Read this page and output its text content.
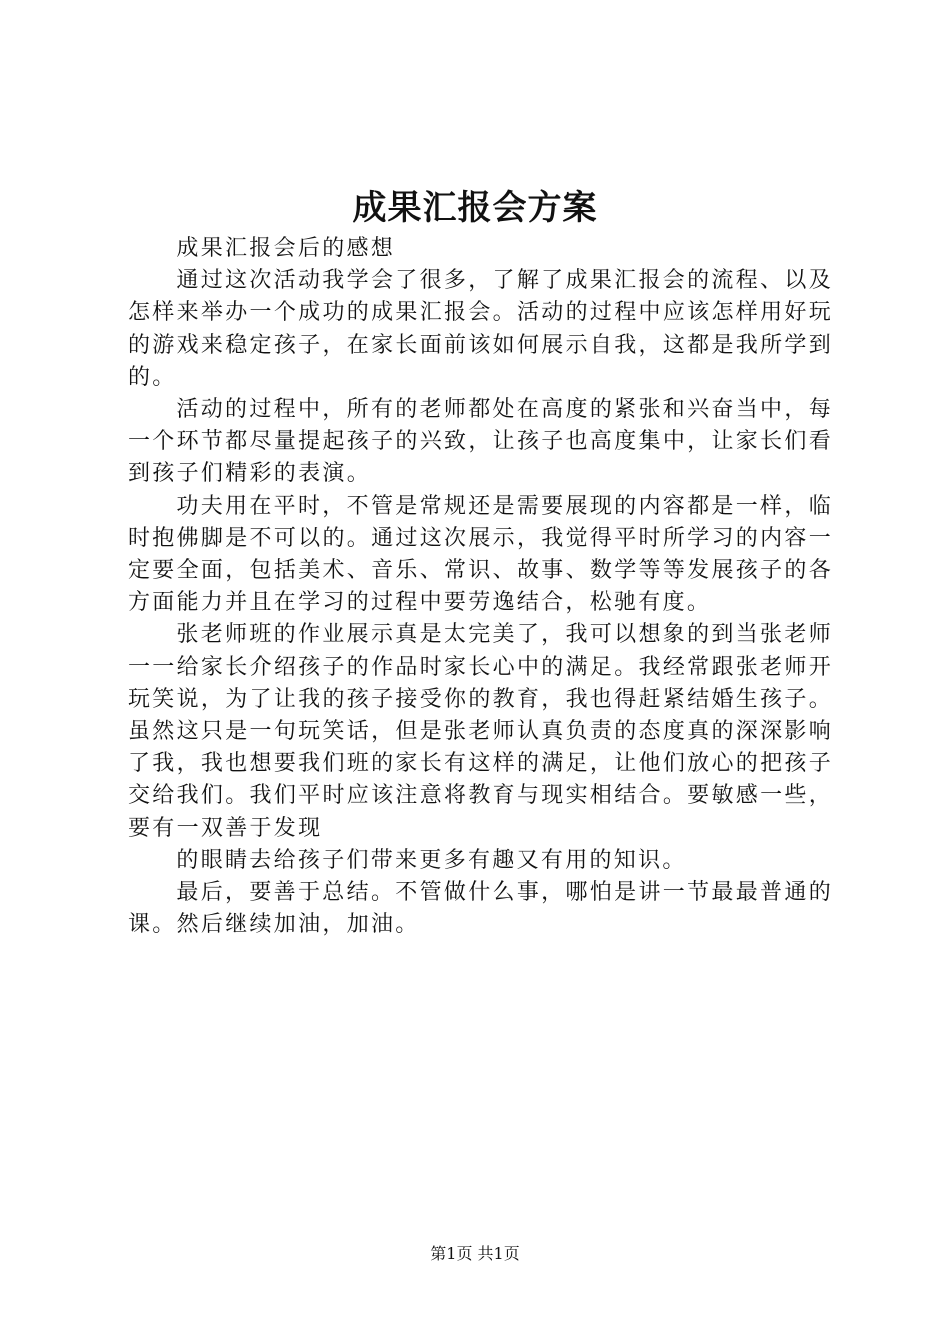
成果汇报会方案

成果汇报会后的感想

通过这次活动我学会了很多，了解了成果汇报会的流程、以及怎样来举办一个成功的成果汇报会。活动的过程中应该怎样用好玩的游戏来稳定孩子，在家长面前该如何展示自我，这都是我所学到的。

活动的过程中，所有的老师都处在高度的紧张和兴奋当中，每一个环节都尽量提起孩子的兴致，让孩子也高度集中，让家长们看到孩子们精彩的表演。

功夫用在平时，不管是常规还是需要展现的内容都是一样，临时抱佛脚是不可以的。通过这次展示，我觉得平时所学习的内容一定要全面，包括美术、音乐、常识、故事、数学等等发展孩子的各方面能力并且在学习的过程中要劳逸结合，松驰有度。

张老师班的作业展示真是太完美了，我可以想象的到当张老师一一给家长介绍孩子的作品时家长心中的满足。我经常跟张老师开玩笑说，为了让我的孩子接受你的教育，我也得赶紧结婚生孩子。虽然这只是一句玩笑话，但是张老师认真负责的态度真的深深影响了我，我也想要我们班的家长有这样的满足，让他们放心的把孩子交给我们。我们平时应该注意将教育与现实相结合。要敏感一些，要有一双善于发现

的眼睛去给孩子们带来更多有趣又有用的知识。

最后，要善于总结。不管做什么事，哪怕是讲一节最最普通的课。然后继续加油，加油。

第1页 共1页
